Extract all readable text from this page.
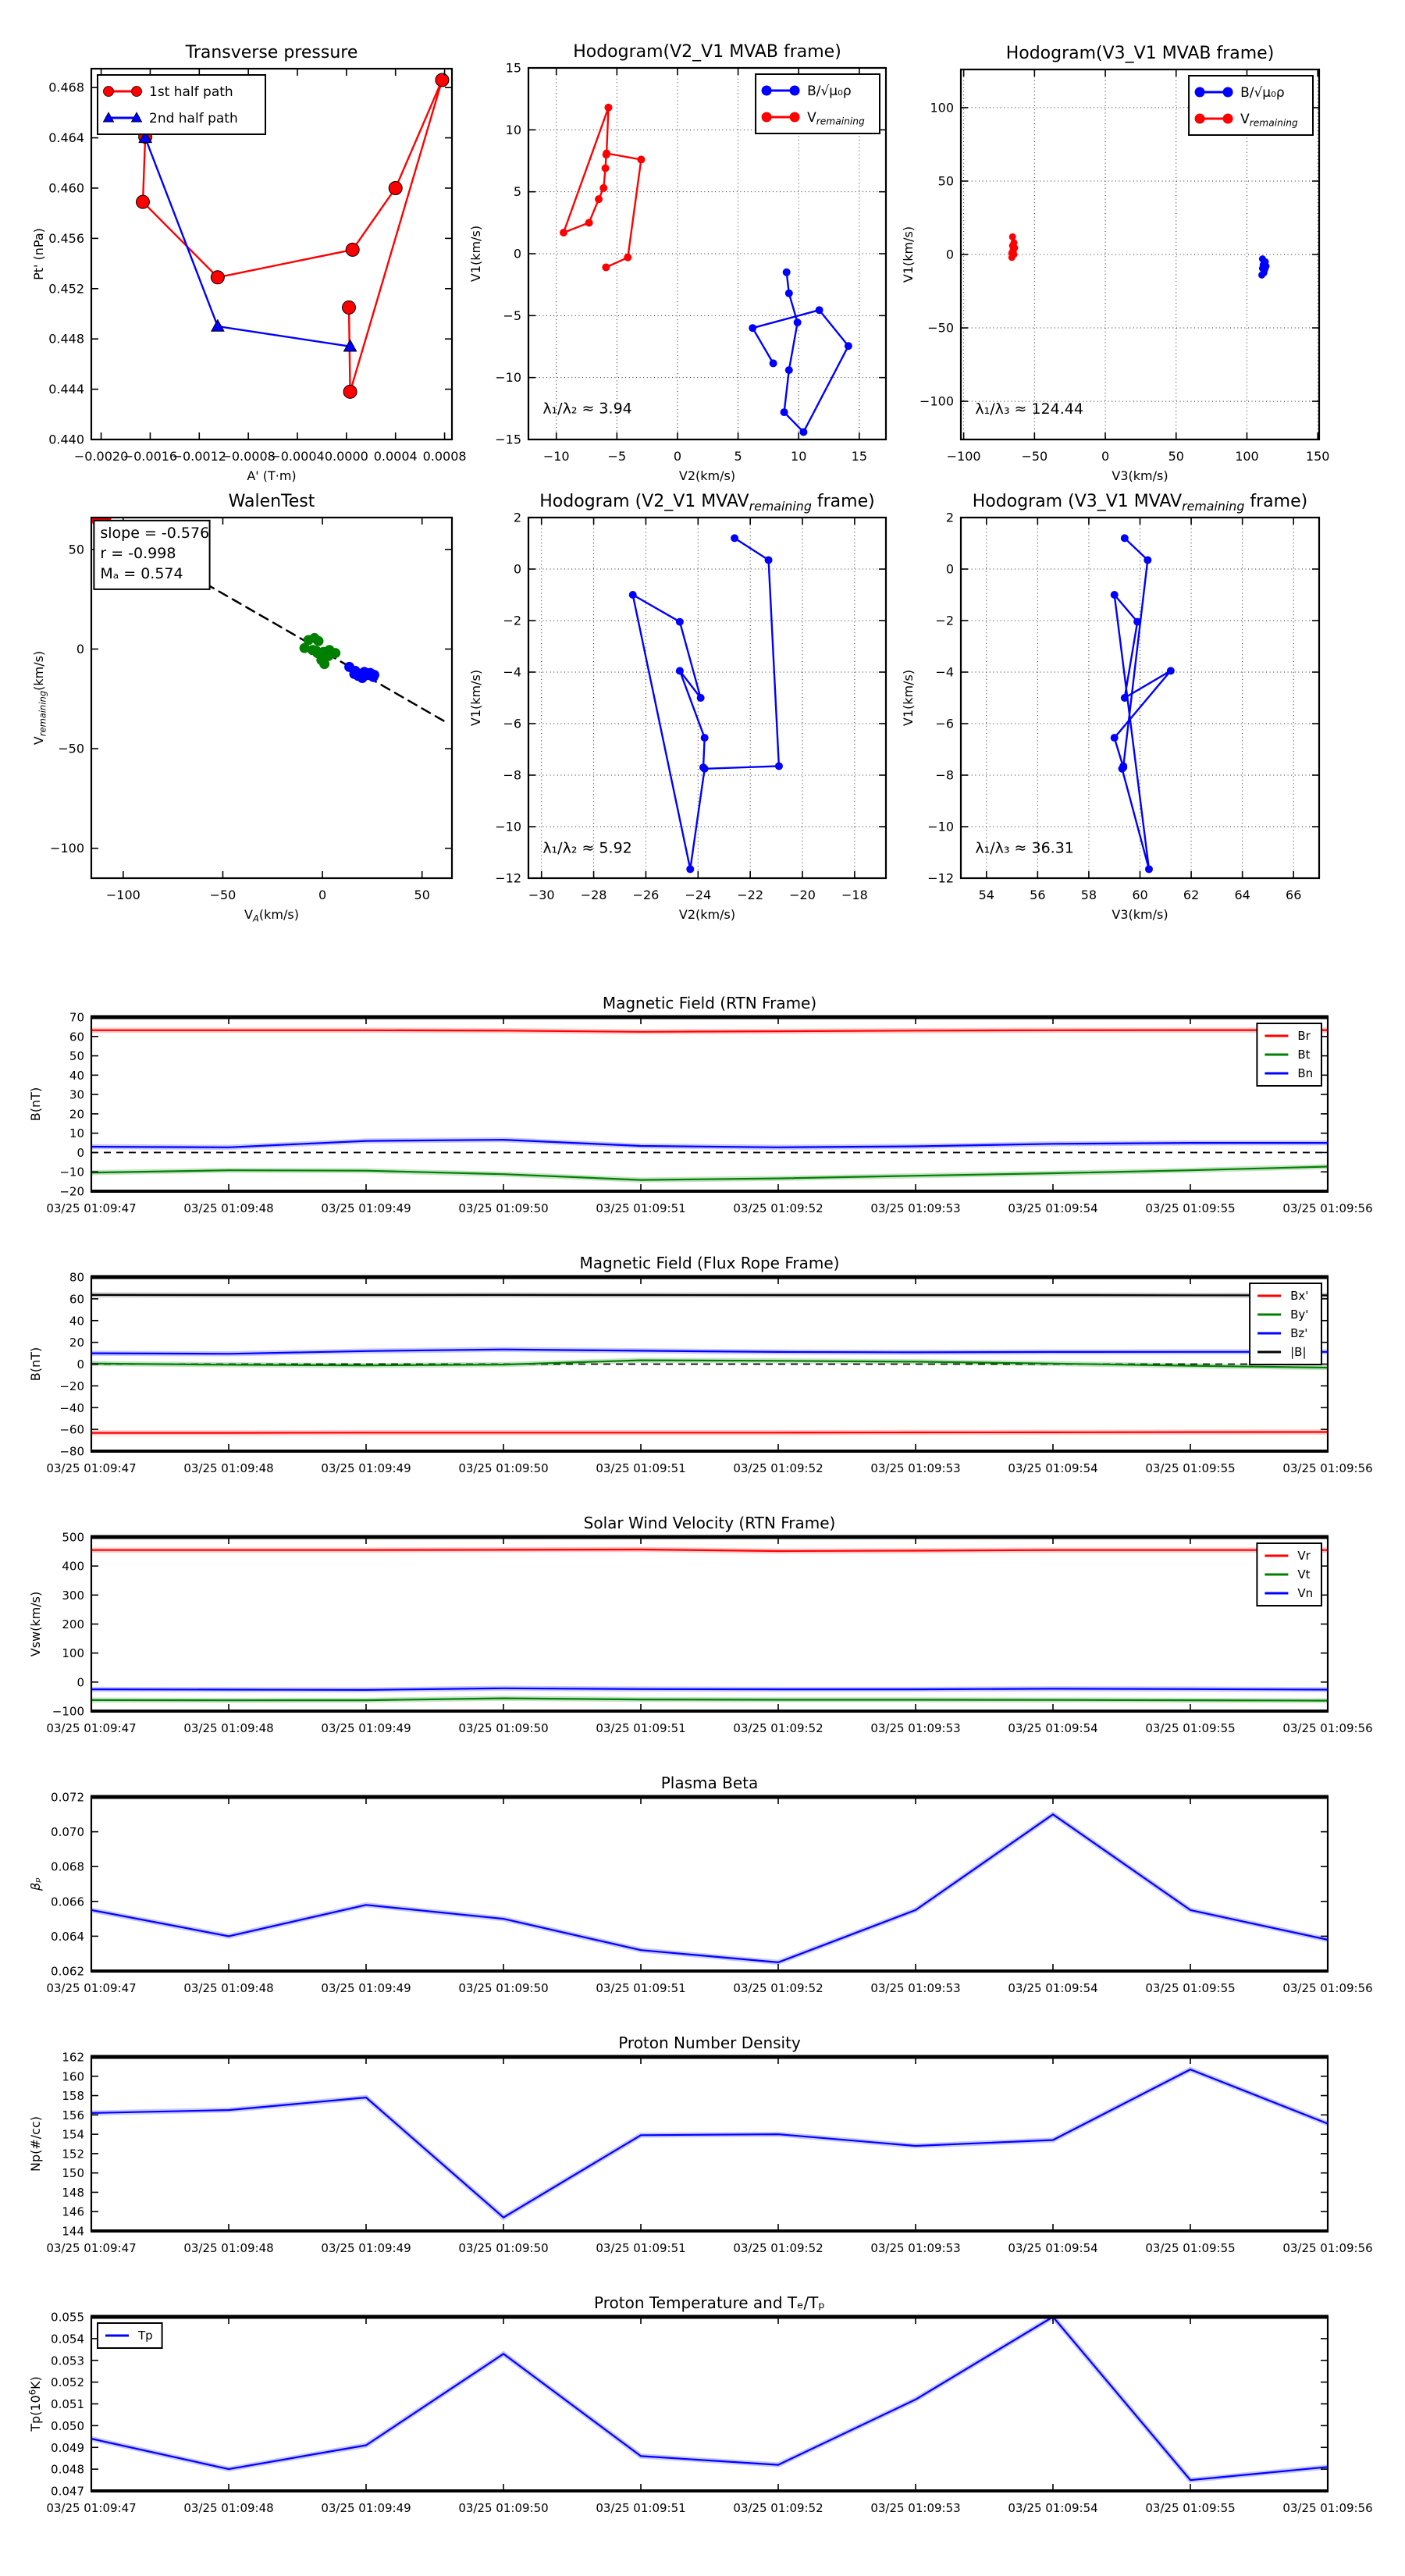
−0.0020
−0.0016
−0.0012
−0.0008
−0.0004 0.0000 0.0004 0.0008
0.440
0.444
0.448
0.452
0.456
0.460
0.464
0.468
Transverse pressure
A' (T·m)
Pt' (nPa)
1st half path
2nd half path
−10	−5	0	5	10	15
−15
−10
−5
0
5
10
15
Hodogram(V2_V1 MVAB frame)
V2(km/s)
V1(km/s)
λ₁/λ₂ ≈ 3.94
B/√μ₀ρ
$V_{remaining}$
−100	−50	0	50	100	150
−100
−50
0
50
100
Hodogram(V3_V1 MVAB frame)
V3(km/s)
V1(km/s)
λ₁/λ₃ ≈ 124.44
B/√μ₀ρ
$V_{remaining}$
−100	−50	0	50
−100
−50
0
50
WalenTest
$V_A(km/s)$
$V_{remaining}(km/s)$
slope = -0.576
r = -0.998
Mₐ = 0.574
−30 −28 −26 −24 −22 −20 −18
−12
−10
−8
−6
−4
−2
0
2
Hodogram (V2_V1 $MVAV_{remaining}$ frame)
V2(km/s)
V1(km/s)
λ₁/λ₂ ≈ 5.92
54	56	58	60	62	64	66
−12
−10
−8
−6
−4
−2
0
2
Hodogram (V3_V1 $MVAV_{remaining}$ frame)
V3(km/s)
V1(km/s)
λ₁/λ₃ ≈ 36.31
03/25 01:09:47	03/25 01:09:48	03/25 01:09:49	03/25 01:09:50	03/25 01:09:51	03/25 01:09:52	03/25 01:09:53	03/25 01:09:54	03/25 01:09:55	03/25 01:09:56
−20
−10
0
10
20
30
40
50
60
70
Magnetic Field (RTN Frame)
B(nT)
Br
Bt
Bn
03/25 01:09:47	03/25 01:09:48	03/25 01:09:49	03/25 01:09:50	03/25 01:09:51	03/25 01:09:52	03/25 01:09:53	03/25 01:09:54	03/25 01:09:55	03/25 01:09:56
−80
−60
−40
−20
0
20
40
60
80
Magnetic Field (Flux Rope Frame)
B(nT)
Bx'
By'
Bz'
|B|
03/25 01:09:47	03/25 01:09:48	03/25 01:09:49	03/25 01:09:50	03/25 01:09:51	03/25 01:09:52	03/25 01:09:53	03/25 01:09:54	03/25 01:09:55	03/25 01:09:56
−100
0
100
200
300
400
500
Solar Wind Velocity (RTN Frame)
Vsw(km/s)
Vr
Vt
Vn
03/25 01:09:47	03/25 01:09:48	03/25 01:09:49	03/25 01:09:50	03/25 01:09:51	03/25 01:09:52	03/25 01:09:53	03/25 01:09:54	03/25 01:09:55	03/25 01:09:56
0.062
0.064
0.066
0.068
0.070
0.072
Plasma Beta
βₚ
03/25 01:09:47	03/25 01:09:48	03/25 01:09:49	03/25 01:09:50	03/25 01:09:51	03/25 01:09:52	03/25 01:09:53	03/25 01:09:54	03/25 01:09:55	03/25 01:09:56
144
146
148
150
152
154
156
158
160
162
Proton Number Density
Np(#/cc)
03/25 01:09:47	03/25 01:09:48	03/25 01:09:49	03/25 01:09:50	03/25 01:09:51	03/25 01:09:52	03/25 01:09:53	03/25 01:09:54	03/25 01:09:55	03/25 01:09:56
0.047
0.048
0.049
0.050
0.051
0.052
0.053
0.054
0.055
Proton Temperature and Tₑ/Tₚ
$Tp(10^6K)$
Tp
